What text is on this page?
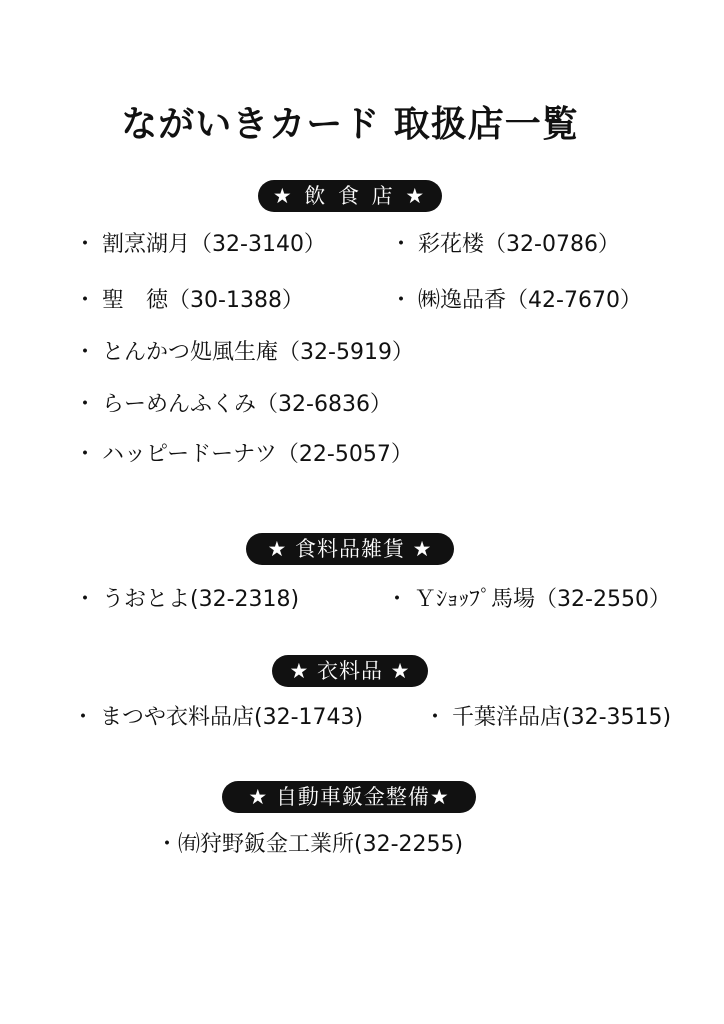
ながいきカード 取扱店一覧
★ 飲 食 店 ★
・ 割烹湖月（32-3140）	・ 彩花楼（32-0786）
・ 聖　徳（30-1388）	・ ㈱逸品香（42-7670）
・ とんかつ処風生庵（32-5919）
・ らーめんふくみ（32-6836）
・ ハッピードーナツ（22-5057）
★ 食料品雑貨 ★
・ うおとよ(32-2318)	・ Ｙｼｮｯﾌﾟ馬場（32-2550）
★ 衣料品 ★
・ まつや衣料品店(32-1743)	・ 千葉洋品店(32-3515)
★ 自動車鈑金整備★
・㈲狩野鈑金工業所(32-2255)
